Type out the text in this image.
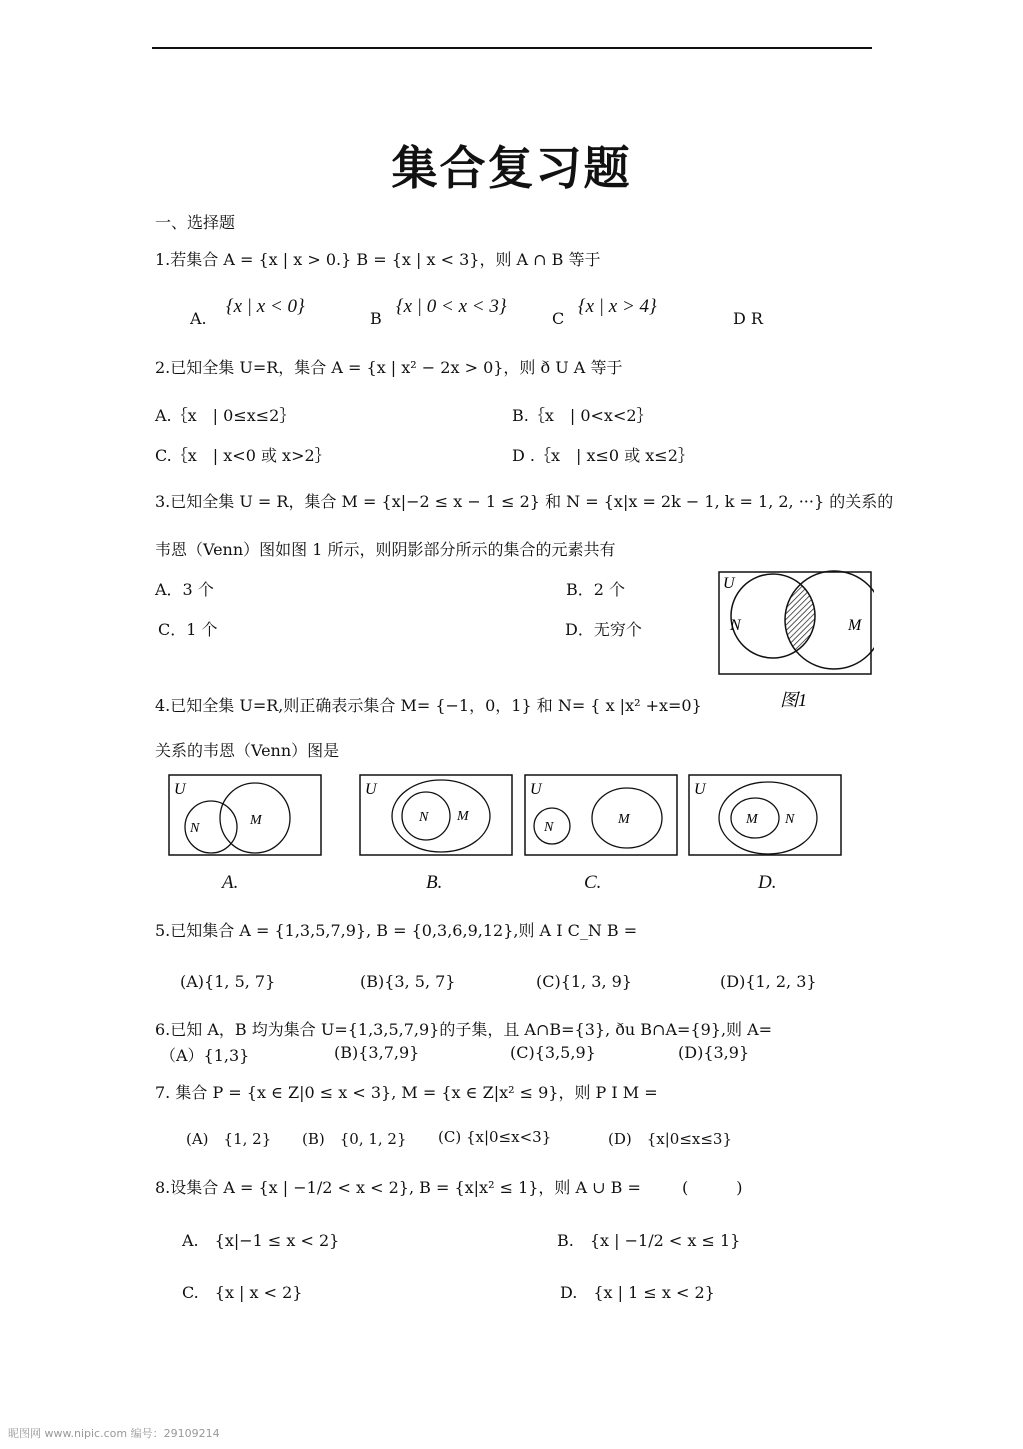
集合复习题
一、选择题
1.若集合 A = {x | x > 0.} B = {x | x < 3}，则 A ∩ B 等于
A.
{x | x < 0}
B
{x | 0 < x < 3}
C
{x | x > 4}
D R
2.已知全集 U=R，集合 A = {x | x² − 2x > 0}，则 ð U A 等于
A.｛x　| 0≤x≤2｝	B.｛x　| 0<x<2｝
C.｛x　| x<0 或 x>2｝	D .｛x　| x≤0 或 x≤2｝
3.已知全集 U = R，集合 M = {x|−2 ≤ x − 1 ≤ 2} 和 N = {x|x = 2k − 1, k = 1, 2, ···} 的关系的
韦恩（Venn）图如图 1 所示，则阴影部分所示的集合的元素共有
A．3 个	B．2 个
C．1 个	D．无穷个
U
N	M
图1
4.已知全集 U=R,则正确表示集合 M= {−1，0，1} 和 N= { x |x² +x=0}
关系的韦恩（Venn）图是
U
N
M
U
N M
U
N
M
U
M N
A.	B.	C.	D.
5.已知集合 A = {1,3,5,7,9}, B = {0,3,6,9,12},则 A I C_N B =
(A){1, 5, 7}	(B){3, 5, 7}	(C){1, 3, 9}	(D){1, 2, 3}
6.已知 A，B 均为集合 U={1,3,5,7,9}的子集，且 A∩B={3}, ðu B∩A={9},则 A=
（A）{1,3}	(B){3,7,9}	(C){3,5,9}	(D){3,9}
7. 集合 P = {x ∈ Z|0 ≤ x < 3}, M = {x ∈ Z|x² ≤ 9}，则 P I M =
(A)　{1, 2} (B)　{0, 1, 2} (C) {x|0≤x<3}	(D)　{x|0≤x≤3}
8.设集合 A = {x | −1/2 < x < 2}, B = {x|x² ≤ 1}，则 A ∪ B =	(　　　)
A.　{x|−1 ≤ x < 2}	B.　{x | −1/2 < x ≤ 1}
C.　{x | x < 2}	D.　{x | 1 ≤ x < 2}
昵图网 www.nipic.com 编号：29109214
